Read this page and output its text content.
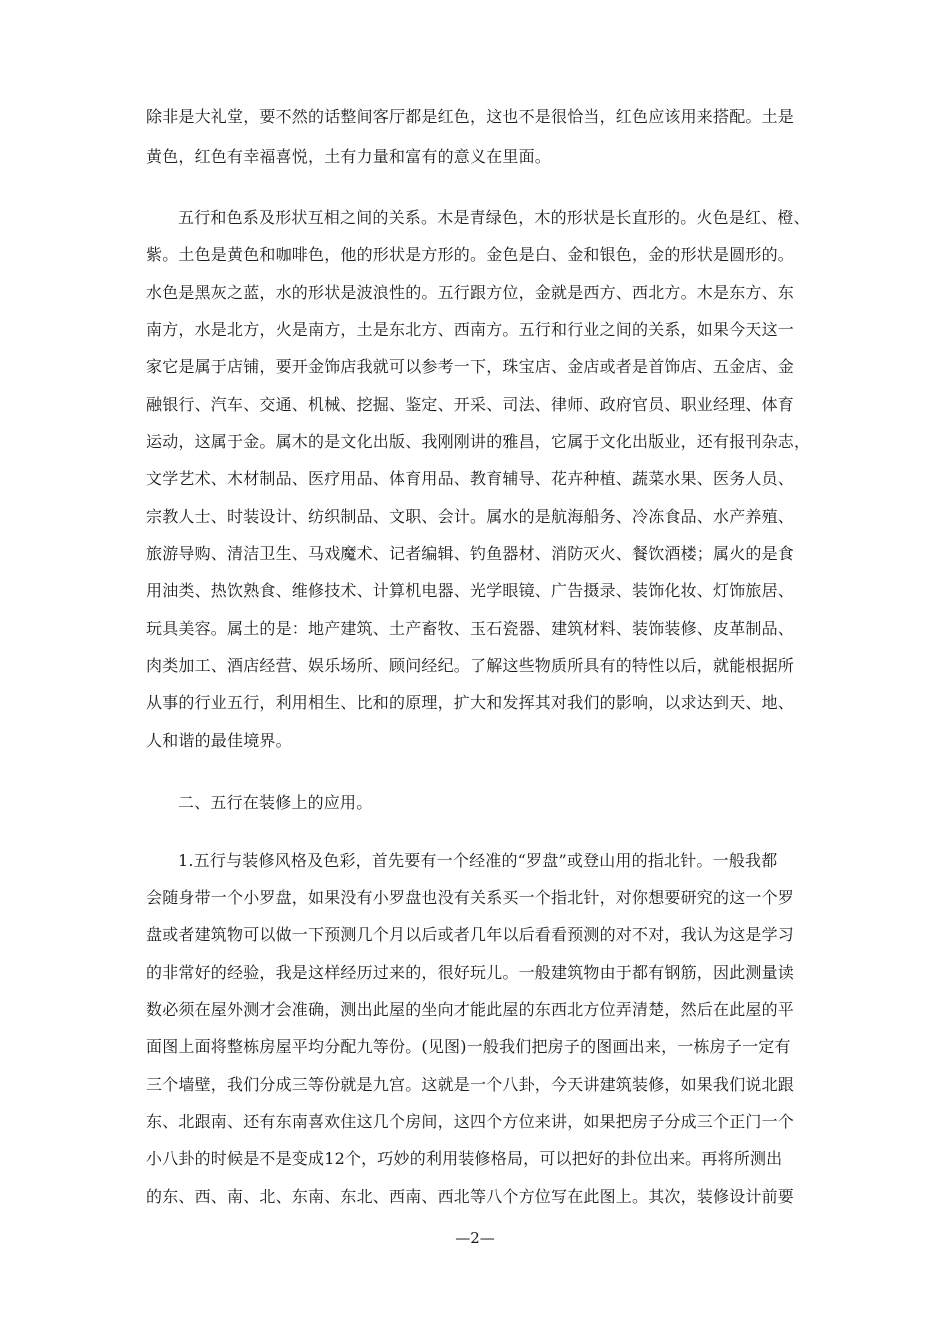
除非是大礼堂，要不然的话整间客厅都是红色，这也不是很恰当，红色应该用来搭配。土是
黄色，红色有幸福喜悦，土有力量和富有的意义在里面。
五行和色系及形状互相之间的关系。木是青绿色，木的形状是长直形的。火色是红、橙、
紫。土色是黄色和咖啡色，他的形状是方形的。金色是白、金和银色，金的形状是圆形的。
水色是黑灰之蓝，水的形状是波浪性的。五行跟方位，金就是西方、西北方。木是东方、东
南方，水是北方，火是南方，土是东北方、西南方。五行和行业之间的关系，如果今天这一
家它是属于店铺，要开金饰店我就可以参考一下，珠宝店、金店或者是首饰店、五金店、金
融银行、汽车、交通、机械、挖掘、鉴定、开采、司法、律师、政府官员、职业经理、体育
运动，这属于金。属木的是文化出版、我刚刚讲的雅昌，它属于文化出版业，还有报刊杂志，
文学艺术、木材制品、医疗用品、体育用品、教育辅导、花卉种植、蔬菜水果、医务人员、
宗教人士、时装设计、纺织制品、文职、会计。属水的是航海船务、冷冻食品、水产养殖、
旅游导购、清洁卫生、马戏魔术、记者编辑、钓鱼器材、消防灭火、餐饮酒楼；属火的是食
用油类、热饮熟食、维修技术、计算机电器、光学眼镜、广告摄录、装饰化妆、灯饰旅居、
玩具美容。属土的是：地产建筑、土产畜牧、玉石瓷器、建筑材料、装饰装修、皮革制品、
肉类加工、酒店经营、娱乐场所、顾问经纪。了解这些物质所具有的特性以后，就能根据所
从事的行业五行，利用相生、比和的原理，扩大和发挥其对我们的影响，以求达到天、地、
人和谐的最佳境界。
二、五行在装修上的应用。
1.五行与装修风格及色彩，首先要有一个经准的“罗盘”或登山用的指北针。一般我都
会随身带一个小罗盘，如果没有小罗盘也没有关系买一个指北针，对你想要研究的这一个罗
盘或者建筑物可以做一下预测几个月以后或者几年以后看看预测的对不对，我认为这是学习
的非常好的经验，我是这样经历过来的，很好玩儿。一般建筑物由于都有钢筋，因此测量读
数必须在屋外测才会准确，测出此屋的坐向才能此屋的东西北方位弄清楚，然后在此屋的平
面图上面将整栋房屋平均分配九等份。(见图)一般我们把房子的图画出来，一栋房子一定有
三个墙壁，我们分成三等份就是九宫。这就是一个八卦，今天讲建筑装修，如果我们说北跟
东、北跟南、还有东南喜欢住这几个房间，这四个方位来讲，如果把房子分成三个正门一个
小八卦的时候是不是变成12个，巧妙的利用装修格局，可以把好的卦位出来。再将所测出
的东、西、南、北、东南、东北、西南、西北等八个方位写在此图上。其次，装修设计前要
—2—
